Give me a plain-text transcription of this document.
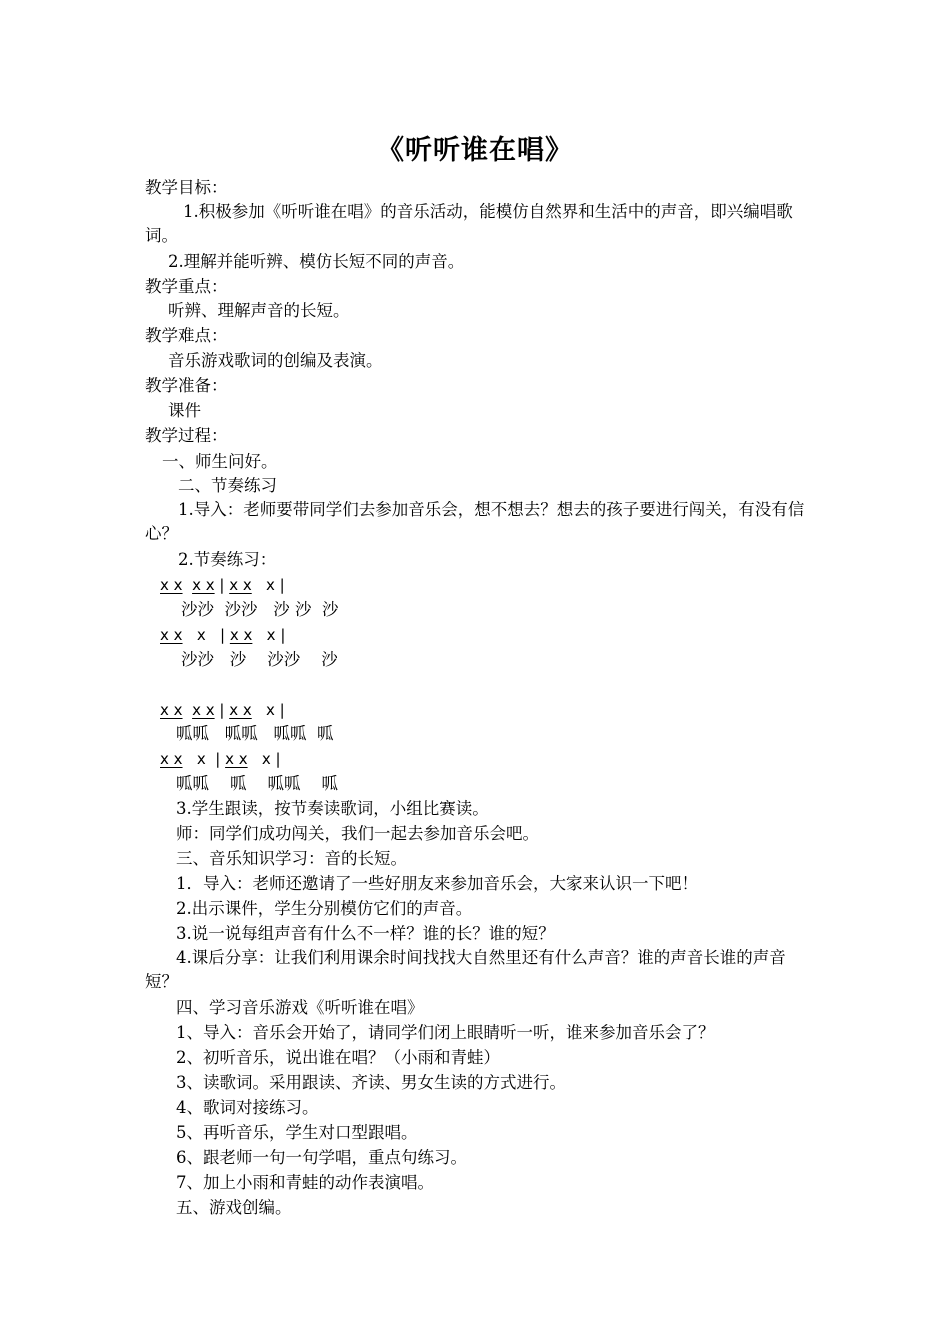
《听听谁在唱》
教学目标：
1.积极参加《听听谁在唱》的音乐活动，能模仿自然界和生活中的声音，即兴编唱歌词。
2.理解并能听辨、模仿长短不同的声音。
教学重点：
听辨、理解声音的长短。
教学难点：
音乐游戏歌词的创编及表演。
教学准备：
课件
教学过程：
一、师生问好。
二、节奏练习
1.导入：老师要带同学们去参加音乐会，想不想去？想去的孩子要进行闯关，有没有信心？
2.节奏练习：
x x x x | x x   x |
沙沙  沙沙   沙 沙  沙
x x   x   | x x   x |
沙沙   沙    沙沙    沙
x x x x | x x   x |
呱呱   呱呱   呱呱  呱
x x   x  | x x   x |
呱呱    呱    呱呱    呱
3.学生跟读，按节奏读歌词，小组比赛读。
师：同学们成功闯关，我们一起去参加音乐会吧。
三、音乐知识学习：音的长短。
1．导入：老师还邀请了一些好朋友来参加音乐会，大家来认识一下吧！
2.出示课件，学生分别模仿它们的声音。
3.说一说每组声音有什么不一样？谁的长？谁的短？
4.课后分享：让我们利用课余时间找找大自然里还有什么声音？谁的声音长谁的声音短？
四、学习音乐游戏《听听谁在唱》
1、导入：音乐会开始了，请同学们闭上眼睛听一听，谁来参加音乐会了？
2、初听音乐，说出谁在唱？（小雨和青蛙）
3、读歌词。采用跟读、齐读、男女生读的方式进行。
4、歌词对接练习。
5、再听音乐，学生对口型跟唱。
6、跟老师一句一句学唱，重点句练习。
7、加上小雨和青蛙的动作表演唱。
五、游戏创编。
